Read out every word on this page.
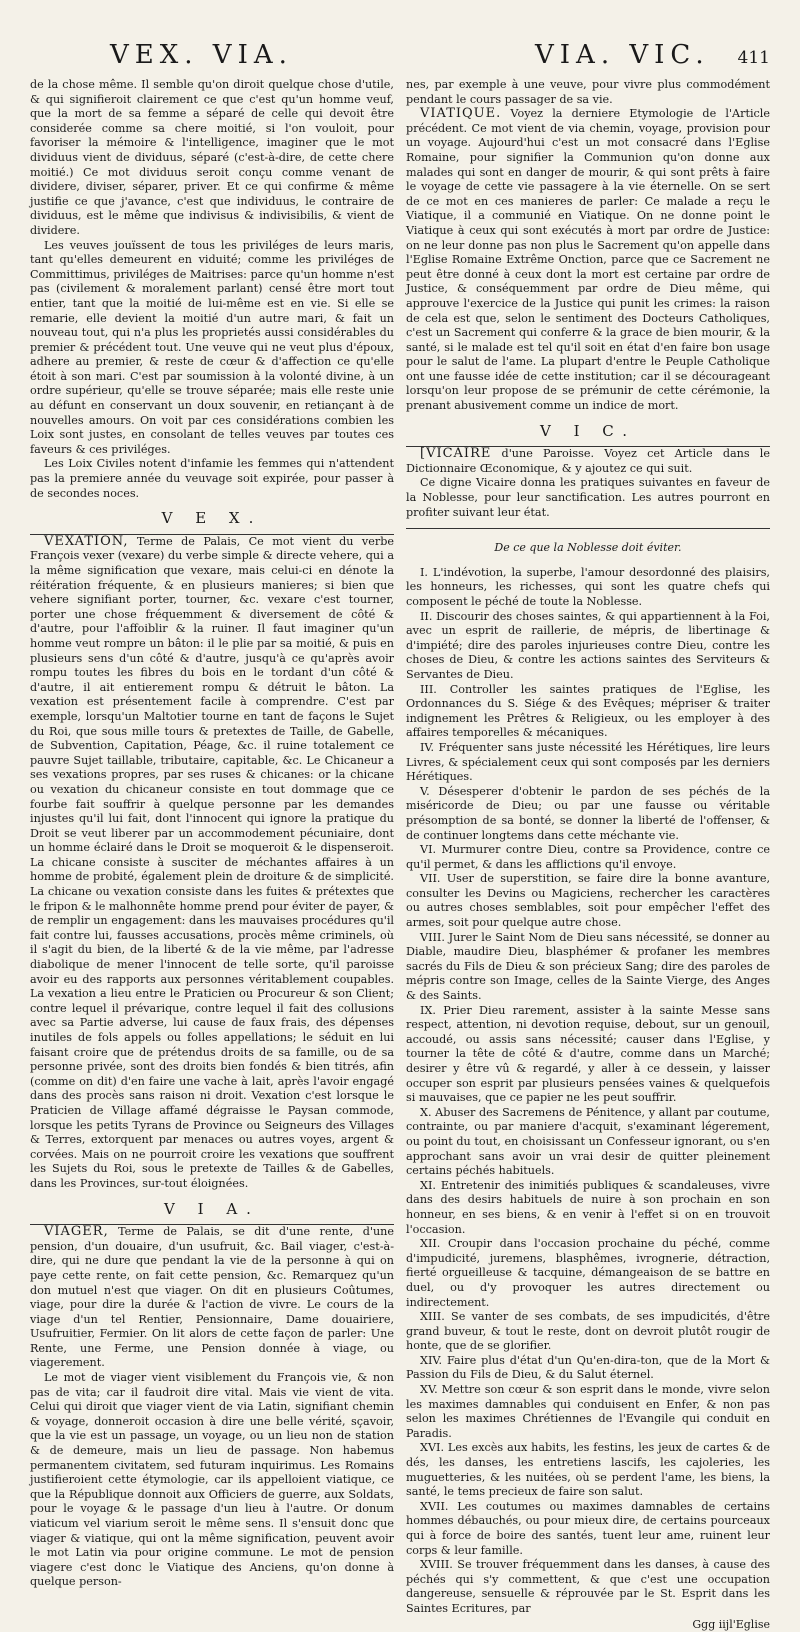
VEX. VIA.	VIA. VIC. 411

de la chose même. Il semble qu'on diroit quelque chose d'utile, & qui signifieroit clairement ce que c'est qu'un homme veuf, que la mort de sa femme a séparé de celle qui devoit être considerée comme sa chere moitié, si l'on vouloit, pour favoriser la mémoire & l'intelligence, imaginer que le mot dividuus vient de dividuus, séparé (c'est-à-dire, de cette chere moitié.) Ce mot dividuus seroit conçu comme venant de dividere, diviser, séparer, priver. Et ce qui confirme & même justifie ce que j'avance, c'est que individuus, le contraire de dividuus, est le même que indivisus & indivisibilis, & vient de dividere.

Les veuves jouïssent de tous les priviléges de leurs maris, tant qu'elles demeurent en viduité; comme les priviléges de Committimus, priviléges de Maitrises: parce qu'un homme n'est pas (civilement & moralement parlant) censé être mort tout entier, tant que la moitié de lui-même est en vie. Si elle se remarie, elle devient la moitié d'un autre mari, & fait un nouveau tout, qui n'a plus les proprietés aussi considérables du premier & précédent tout. Une veuve qui ne veut plus d'époux, adhere au premier, & reste de cœur & d'affection ce qu'elle étoit à son mari. C'est par soumission à la volonté divine, à un ordre supérieur, qu'elle se trouve séparée; mais elle reste unie au défunt en conservant un doux souvenir, en retiançant à de nouvelles amours. On voit par ces considérations combien les Loix sont justes, en consolant de telles veuves par toutes ces faveurs & ces priviléges.

Les Loix Civiles notent d'infamie les femmes qui n'attendent pas la premiere année du veuvage soit expirée, pour passer à de secondes noces.

V E X.

VEXATION, Terme de Palais, Ce mot vient du verbe François vexer (vexare) du verbe simple & directe vehere, qui a la même signification que vexare, mais celui-ci en dénote la réitération fréquente, & en plusieurs manieres; si bien que vehere signifiant porter, tourner, &c. vexare c'est tourner, porter une chose fréquemment & diversement de côté & d'autre, pour l'affoiblir & la ruiner. Il faut imaginer qu'un homme veut rompre un bâton: il le plie par sa moitié, & puis en plusieurs sens d'un côté & d'autre, jusqu'à ce qu'après avoir rompu toutes les fibres du bois en le tordant d'un côté & d'autre, il ait entierement rompu & détruit le bâton. La vexation est présentement facile à comprendre. C'est par exemple, lorsqu'un Maltotier tourne en tant de façons le Sujet du Roi, que sous mille tours & pretextes de Taille, de Gabelle, de Subvention, Capitation, Péage, &c. il ruine totalement ce pauvre Sujet taillable, tributaire, capitable, &c. Le Chicaneur a ses vexations propres, par ses ruses & chicanes: or la chicane ou vexation du chicaneur consiste en tout dommage que ce fourbe fait souffrir à quelque personne par les demandes injustes qu'il lui fait, dont l'innocent qui ignore la pratique du Droit se veut liberer par un accommodement pécuniaire, dont un homme éclairé dans le Droit se moqueroit & le dispenseroit. La chicane consiste à susciter de méchantes affaires à un homme de probité, également plein de droiture & de simplicité. La chicane ou vexation consiste dans les fuites & prétextes que le fripon & le malhonnête homme prend pour éviter de payer, & de remplir un engagement: dans les mauvaises procédures qu'il fait contre lui, fausses accusations, procès même criminels, où il s'agit du bien, de la liberté & de la vie même, par l'adresse diabolique de mener l'innocent de telle sorte, qu'il paroisse avoir eu des rapports aux personnes véritablement coupables. La vexation a lieu entre le Praticien ou Procureur & son Client; contre lequel il prévarique, contre lequel il fait des collusions avec sa Partie adverse, lui cause de faux frais, des dépenses inutiles de fols appels ou folles appellations; le séduit en lui faisant croire que de prétendus droits de sa famille, ou de sa personne privée, sont des droits bien fondés & bien titrés, afin (comme on dit) d'en faire une vache à lait, après l'avoir engagé dans des procès sans raison ni droit. Vexation c'est lorsque le Praticien de Village affamé dégraisse le Paysan commode, lorsque les petits Tyrans de Province ou Seigneurs des Villages & Terres, extorquent par menaces ou autres voyes, argent & corvées. Mais on ne pourroit croire les vexations que souffrent les Sujets du Roi, sous le pretexte de Tailles & de Gabelles, dans les Provinces, sur-tout éloignées.

V I A.

VIAGER, Terme de Palais, se dit d'une rente, d'une pension, d'un douaire, d'un usufruit, &c. Bail viager, c'est-à-dire, qui ne dure que pendant la vie de la personne à qui on paye cette rente, on fait cette pension, &c. Remarquez qu'un don mutuel n'est que viager. On dit en plusieurs Coûtumes, viage, pour dire la durée & l'action de vivre. Le cours de la viage d'un tel Rentier, Pensionnaire, Dame douairiere, Usufruitier, Fermier. On lit alors de cette façon de parler: Une Rente, une Ferme, une Pension donnée à viage, ou viagerement.

Le mot de viager vient visiblement du François vie, & non pas de vita; car il faudroit dire vital. Mais vie vient de vita. Celui qui diroit que viager vient de via Latin, signifiant chemin & voyage, donneroit occasion à dire une belle vérité, sçavoir, que la vie est un passage, un voyage, ou un lieu non de station & de demeure, mais un lieu de passage. Non habemus permanentem civitatem, sed futuram inquirimus. Les Romains justifieroient cette étymologie, car ils appelloient viatique, ce que la République donnoit aux Officiers de guerre, aux Soldats, pour le voyage & le passage d'un lieu à l'autre. Or donum viaticum vel viarium seroit le même sens. Il s'ensuit donc que viager & viatique, qui ont la même signification, peuvent avoir le mot Latin via pour origine commune. Le mot de pension viagere c'est donc le Viatique des Anciens, qu'on donne à quelque person-

nes, par exemple à une veuve, pour vivre plus commodément pendant le cours passager de sa vie.

VIATIQUE. Voyez la derniere Etymologie de l'Article précédent. Ce mot vient de via chemin, voyage, provision pour un voyage. Aujourd'hui c'est un mot consacré dans l'Eglise Romaine, pour signifier la Communion qu'on donne aux malades qui sont en danger de mourir, & qui sont prêts à faire le voyage de cette vie passagere à la vie éternelle. On se sert de ce mot en ces manieres de parler: Ce malade a reçu le Viatique, il a communié en Viatique. On ne donne point le Viatique à ceux qui sont exécutés à mort par ordre de Justice: on ne leur donne pas non plus le Sacrement qu'on appelle dans l'Eglise Romaine Extrême Onction, parce que ce Sacrement ne peut être donné à ceux dont la mort est certaine par ordre de Justice, & conséquemment par ordre de Dieu même, qui approuve l'exercice de la Justice qui punit les crimes: la raison de cela est que, selon le sentiment des Docteurs Catholiques, c'est un Sacrement qui conferre & la grace de bien mourir, & la santé, si le malade est tel qu'il soit en état d'en faire bon usage pour le salut de l'ame. La plupart d'entre le Peuple Catholique ont une fausse idée de cette institution; car il se décourageant lorsqu'on leur propose de se prémunir de cette cérémonie, la prenant abusivement comme un indice de mort.

V I C.

[VICAIRE d'une Paroisse. Voyez cet Article dans le Dictionnaire Œconomique, & y ajoutez ce qui suit.

Ce digne Vicaire donna les pratiques suivantes en faveur de la Noblesse, pour leur sanctification. Les autres pourront en profiter suivant leur état.

De ce que la Noblesse doit éviter.

I. L'indévotion, la superbe, l'amour desordonné des plaisirs, les honneurs, les richesses, qui sont les quatre chefs qui composent le péché de toute la Noblesse.

II. Discourir des choses saintes, & qui appartiennent à la Foi, avec un esprit de raillerie, de mépris, de libertinage & d'impiété; dire des paroles injurieuses contre Dieu, contre les choses de Dieu, & contre les actions saintes des Serviteurs & Servantes de Dieu.

III. Controller les saintes pratiques de l'Eglise, les Ordonnances du S. Siége & des Evêques; mépriser & traiter indignement les Prêtres & Religieux, ou les employer à des affaires temporelles & mécaniques.

IV. Fréquenter sans juste nécessité les Hérétiques, lire leurs Livres, & spécialement ceux qui sont composés par les derniers Hérétiques.

V. Désesperer d'obtenir le pardon de ses péchés de la miséricorde de Dieu; ou par une fausse ou véritable présomption de sa bonté, se donner la liberté de l'offenser, & de continuer longtems dans cette méchante vie.

VI. Murmurer contre Dieu, contre sa Providence, contre ce qu'il permet, & dans les afflictions qu'il envoye.

VII. User de superstition, se faire dire la bonne avanture, consulter les Devins ou Magiciens, rechercher les caractères ou autres choses semblables, soit pour empêcher l'effet des armes, soit pour quelque autre chose.

VIII. Jurer le Saint Nom de Dieu sans nécessité, se donner au Diable, maudire Dieu, blasphémer & profaner les membres sacrés du Fils de Dieu & son précieux Sang; dire des paroles de mépris contre son Image, celles de la Sainte Vierge, des Anges & des Saints.

IX. Prier Dieu rarement, assister à la sainte Messe sans respect, attention, ni devotion requise, debout, sur un genouil, accoudé, ou assis sans nécessité; causer dans l'Eglise, y tourner la tête de côté & d'autre, comme dans un Marché; desirer y être vû & regardé, y aller à ce dessein, y laisser occuper son esprit par plusieurs pensées vaines & quelquefois si mauvaises, que ce papier ne les peut souffrir.

X. Abuser des Sacremens de Pénitence, y allant par coutume, contrainte, ou par maniere d'acquit, s'examinant légerement, ou point du tout, en choisissant un Confesseur ignorant, ou s'en approchant sans avoir un vrai desir de quitter pleinement certains péchés habituels.

XI. Entretenir des inimitiés publiques & scandaleuses, vivre dans des desirs habituels de nuire à son prochain en son honneur, en ses biens, & en venir à l'effet si on en trouvoit l'occasion.

XII. Croupir dans l'occasion prochaine du péché, comme d'impudicité, juremens, blasphêmes, ivrognerie, détraction, fierté orgueilleuse & tacquine, démangeaison de se battre en duel, ou d'y provoquer les autres directement ou indirectement.

XIII. Se vanter de ses combats, de ses impudicités, d'être grand buveur, & tout le reste, dont on devroit plutôt rougir de honte, que de se glorifier.

XIV. Faire plus d'état d'un Qu'en-dira-ton, que de la Mort & Passion du Fils de Dieu, & du Salut éternel.

XV. Mettre son cœur & son esprit dans le monde, vivre selon les maximes damnables qui conduisent en Enfer, & non pas selon les maximes Chrétiennes de l'Evangile qui conduit en Paradis.

XVI. Les excès aux habits, les festins, les jeux de cartes & de dés, les danses, les entretiens lascifs, les cajoleries, les muguetteries, & les nuitées, où se perdent l'ame, les biens, la santé, le tems precieux de faire son salut.

XVII. Les coutumes ou maximes damnables de certains hommes débauchés, ou pour mieux dire, de certains pourceaux qui à force de boire des santés, tuent leur ame, ruinent leur corps & leur famille.

XVIII. Se trouver fréquemment dans les danses, à cause des péchés qui s'y commettent, & que c'est une occupation dangereuse, sensuelle & réprouvée par le St. Esprit dans les Saintes Ecritures, par

Ggg iij l'Eglise
